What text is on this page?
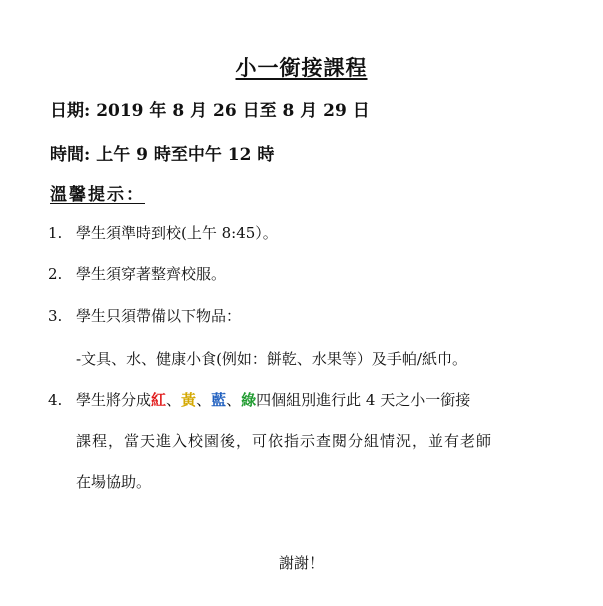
小一銜接課程
日期: 2019 年 8 月 26 日至 8 月 29 日
時間: 上午 9 時至中午 12 時
溫馨提示：
1. 學生須準時到校(上午 8:45）。
2. 學生須穿著整齊校服。
3. 學生只須帶備以下物品：
-文具、水、健康小食(例如：餅乾、水果等）及手帕/紙巾。
4. 學生將分成紅、黃、藍、綠四個組別進行此 4 天之小一銜接
課程，當天進入校園後，可依指示查閱分組情況，並有老師
在場協助。
謝謝！
